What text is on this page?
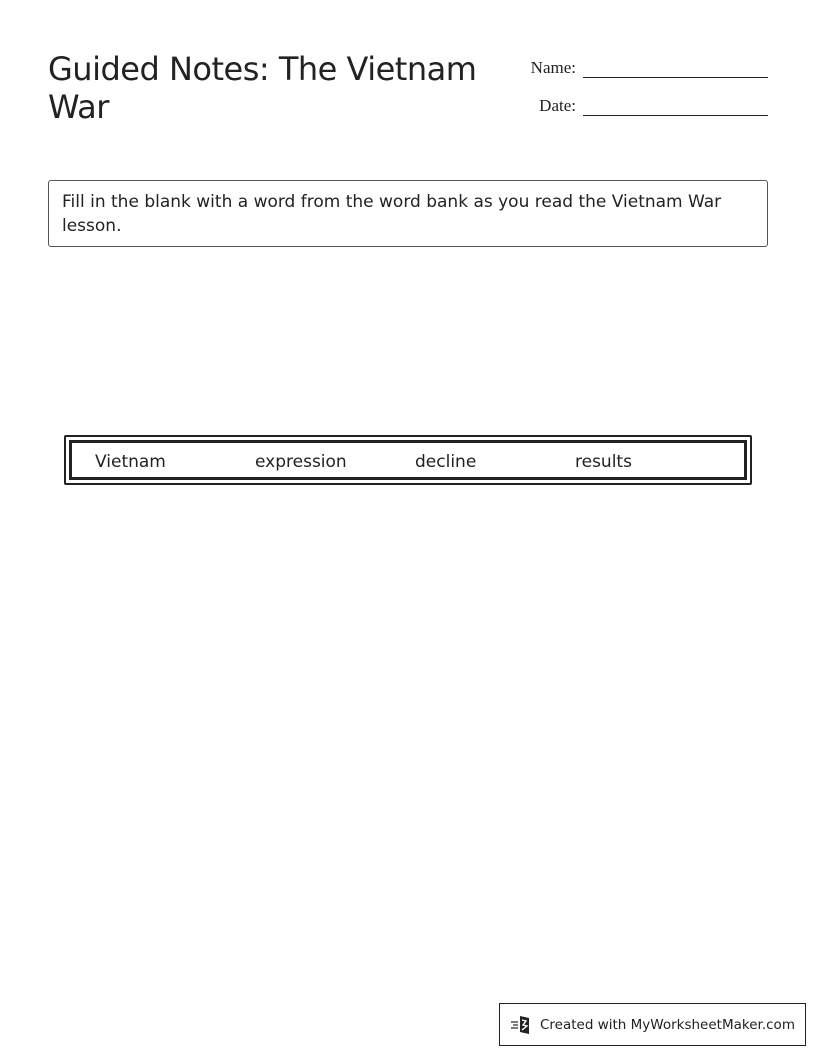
Guided Notes: The Vietnam War
Name:
Date:
Fill in the blank with a word from the word bank as you read the Vietnam War lesson.
Vietnam	expression	decline	results
Created with MyWorksheetMaker.com
